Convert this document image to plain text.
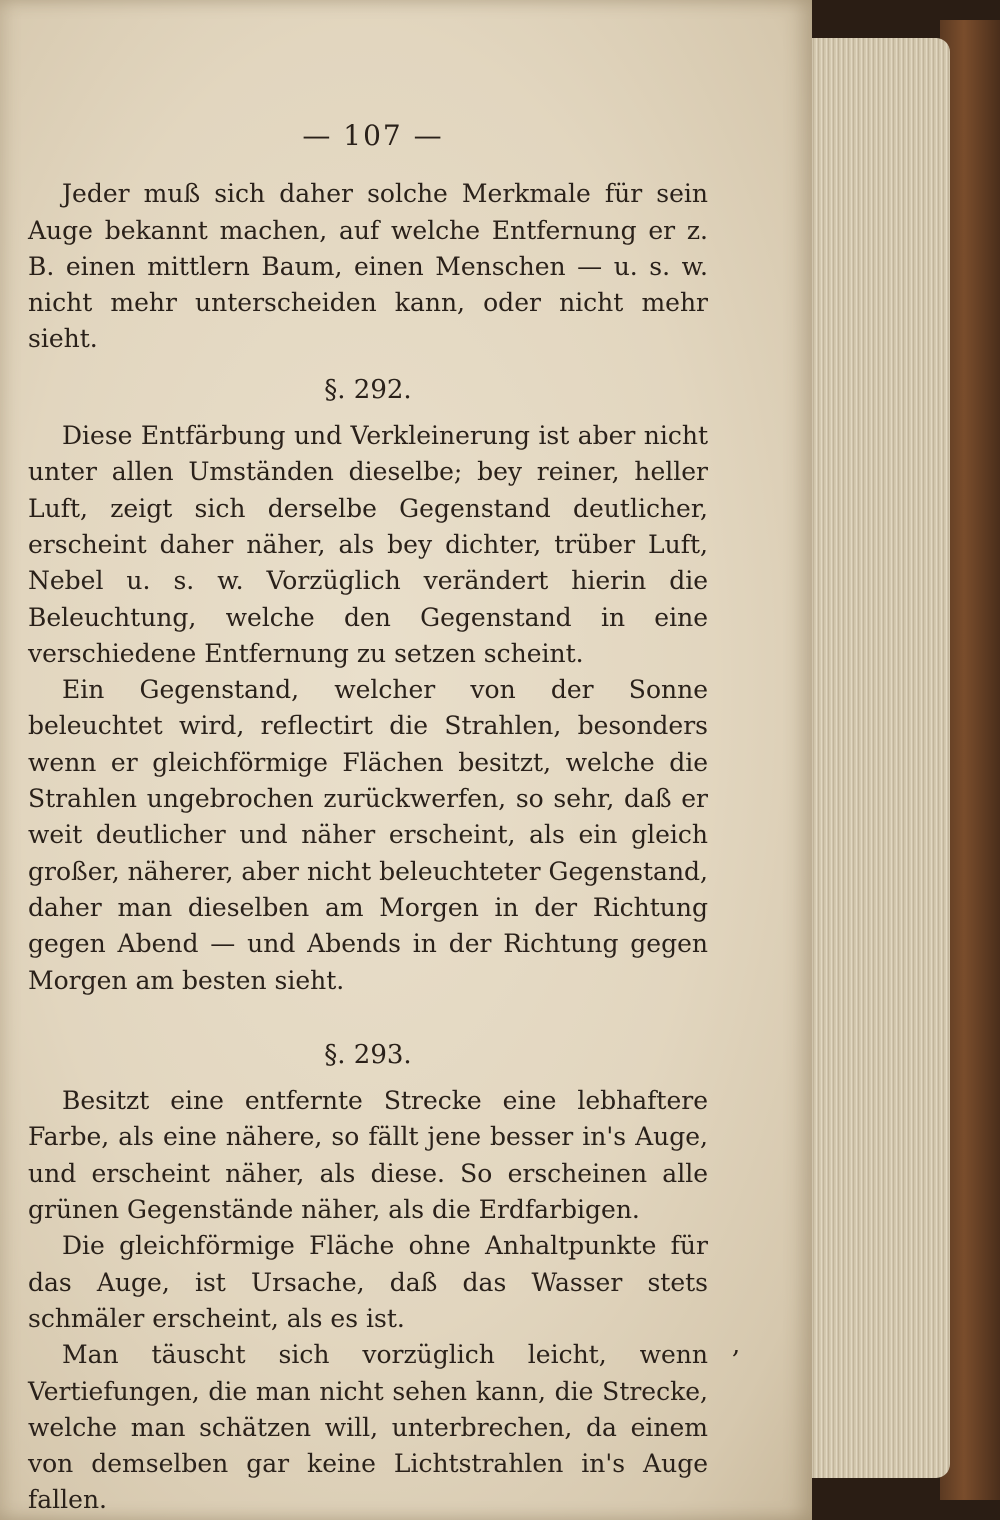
— 107 —

Jeder muß sich daher solche Merkmale für sein Auge bekannt machen, auf welche Entfernung er z. B. einen mittlern Baum, einen Menschen — u. s. w. nicht mehr unterscheiden kann, oder nicht mehr sieht.

§. 292.

Diese Entfärbung und Verkleinerung ist aber nicht unter allen Umständen dieselbe; bey reiner, heller Luft, zeigt sich derselbe Gegenstand deutlicher, erscheint daher näher, als bey dichter, trüber Luft, Nebel u. s. w. Vorzüglich verändert hierin die Beleuchtung, welche den Gegenstand in eine verschiedene Entfernung zu setzen scheint.

Ein Gegenstand, welcher von der Sonne beleuchtet wird, reflectirt die Strahlen, besonders wenn er gleichförmige Flächen besitzt, welche die Strahlen ungebrochen zurückwerfen, so sehr, daß er weit deutlicher und näher erscheint, als ein gleich großer, näherer, aber nicht beleuchteter Gegenstand, daher man dieselben am Morgen in der Richtung gegen Abend — und Abends in der Richtung gegen Morgen am besten sieht.

§. 293.

Besitzt eine entfernte Strecke eine lebhaftere Farbe, als eine nähere, so fällt jene besser in's Auge, und erscheint näher, als diese. So erscheinen alle grünen Gegenstände näher, als die Erdfarbigen.

Die gleichförmige Fläche ohne Anhaltpunkte für das Auge, ist Ursache, daß das Wasser stets schmäler erscheint, als es ist.

Man täuscht sich vorzüglich leicht, wenn Vertiefungen, die man nicht sehen kann, die Strecke, welche man schätzen will, unterbrechen, da einem von demselben gar keine Lichtstrahlen in's Auge fallen.

,
